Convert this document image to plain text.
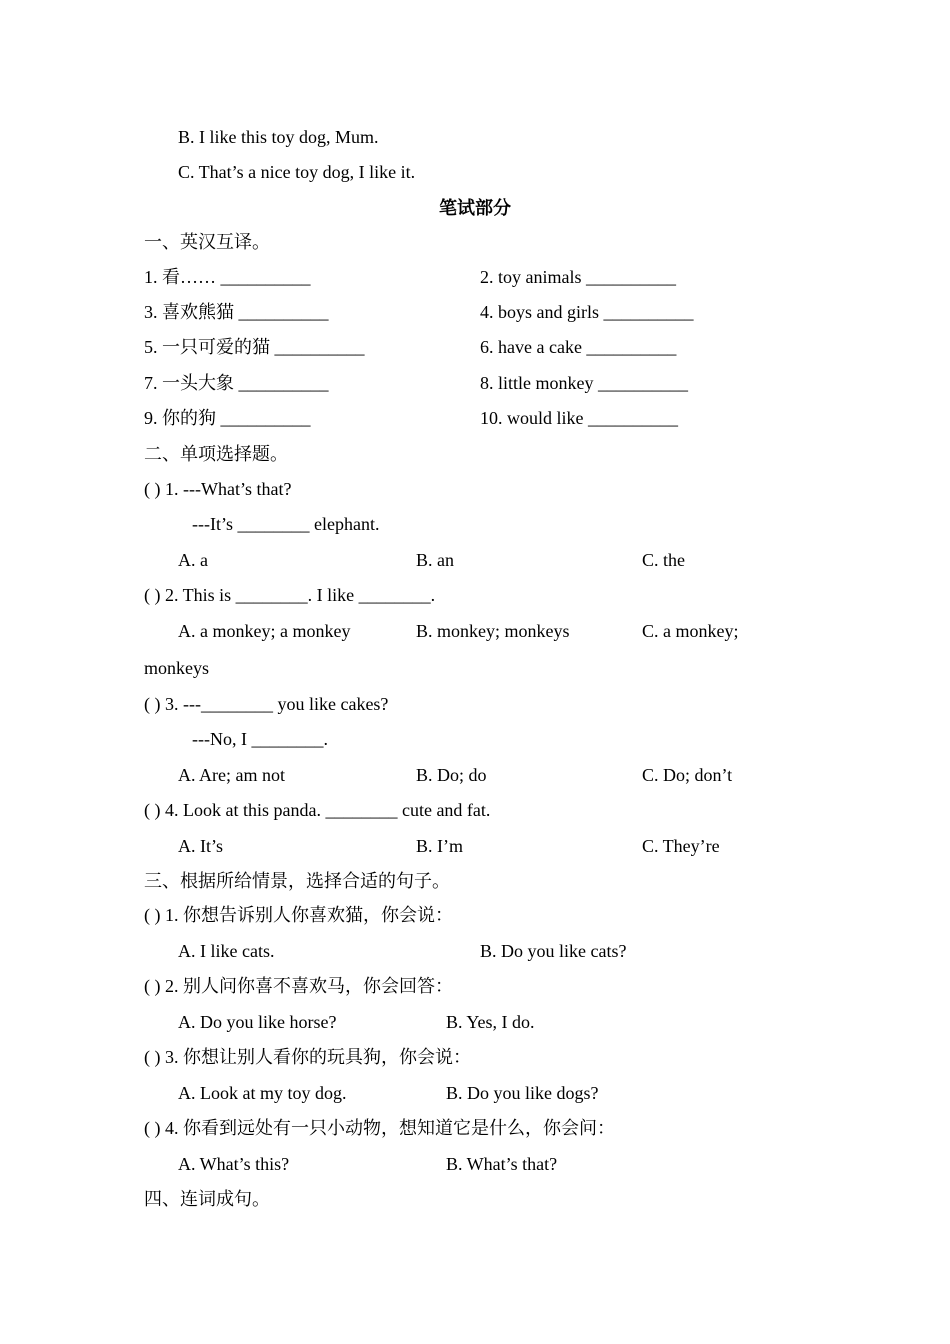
B. I like this toy dog, Mum.
C. That’s a nice toy dog, I like it.
笔试部分
一、英汉互译。
1. 看…… __________	2. toy animals __________
3. 喜欢熊猫 __________	4. boys and girls __________
5. 一只可爱的猫 __________	6. have a cake __________
7. 一头大象 __________	8. little monkey __________
9. 你的狗 __________	10. would like __________
二、单项选择题。
( ) 1. ---What’s that?
---It’s ________ elephant.
A. a	B. an	C. the
( ) 2. This is ________. I like ________.
A. a monkey; a monkey	B. monkey; monkeys	C. a monkey;
monkeys
( ) 3. ---________ you like cakes?
---No, I ________.
A. Are; am not	B. Do; do	C. Do; don’t
( ) 4. Look at this panda. ________ cute and fat.
A. It’s	B. I’m	C. They’re
三、根据所给情景，选择合适的句子。
( ) 1. 你想告诉别人你喜欢猫，你会说：
A. I like cats.	B. Do you like cats?
( ) 2. 别人问你喜不喜欢马，你会回答：
A. Do you like horse?	B. Yes, I do.
( ) 3. 你想让别人看你的玩具狗，你会说：
A. Look at my toy dog.	B. Do you like dogs?
( ) 4. 你看到远处有一只小动物，想知道它是什么，你会问：
A. What’s this?	B. What’s that?
四、连词成句。
